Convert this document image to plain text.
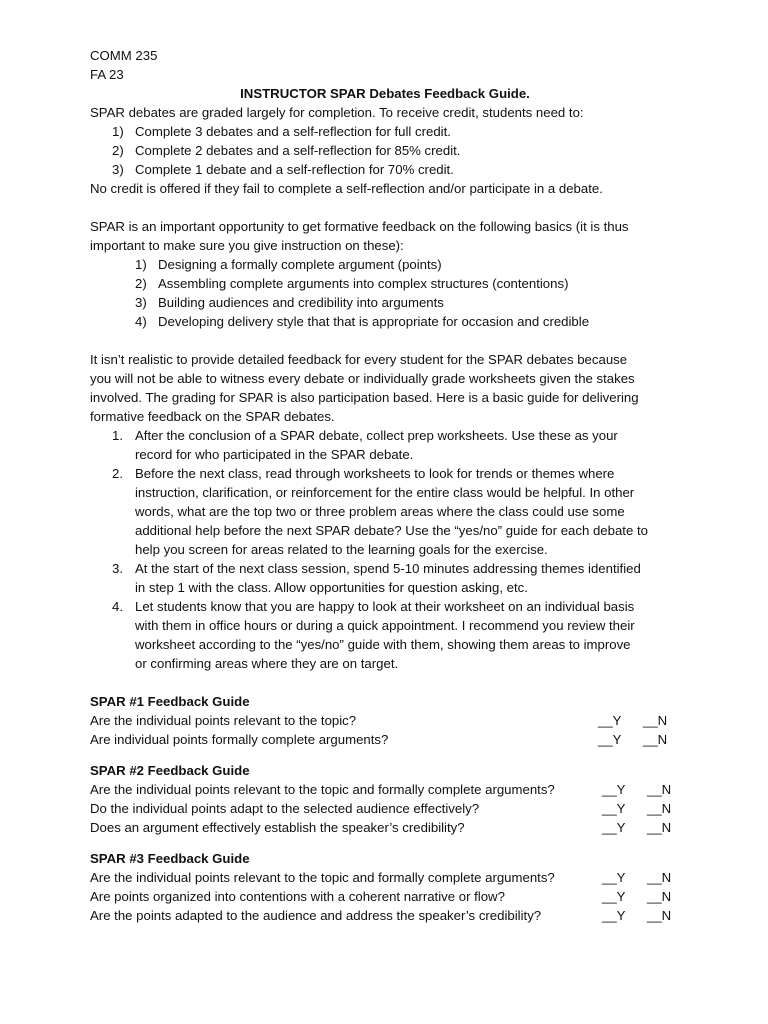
COMM 235
FA 23
INSTRUCTOR SPAR Debates Feedback Guide.
SPAR debates are graded largely for completion. To receive credit, students need to:
1) Complete 3 debates and a self-reflection for full credit.
2) Complete 2 debates and a self-reflection for 85% credit.
3) Complete 1 debate and a self-reflection for 70% credit.
No credit is offered if they fail to complete a self-reflection and/or participate in a debate.
SPAR is an important opportunity to get formative feedback on the following basics (it is thus
important to make sure you give instruction on these):
1) Designing a formally complete argument (points)
2) Assembling complete arguments into complex structures (contentions)
3) Building audiences and credibility into arguments
4) Developing delivery style that that is appropriate for occasion and credible
It isn’t realistic to provide detailed feedback for every student for the SPAR debates because
you will not be able to witness every debate or individually grade worksheets given the stakes
involved. The grading for SPAR is also participation based. Here is a basic guide for delivering
formative feedback on the SPAR debates.
1. After the conclusion of a SPAR debate, collect prep worksheets. Use these as your
record for who participated in the SPAR debate.
2. Before the next class, read through worksheets to look for trends or themes where
instruction, clarification, or reinforcement for the entire class would be helpful. In other
words, what are the top two or three problem areas where the class could use some
additional help before the next SPAR debate? Use the “yes/no” guide for each debate to
help you screen for areas related to the learning goals for the exercise.
3. At the start of the next class session, spend 5-10 minutes addressing themes identified
in step 1 with the class. Allow opportunities for question asking, etc.
4. Let students know that you are happy to look at their worksheet on an individual basis
with them in office hours or during a quick appointment. I recommend you review their
worksheet according to the “yes/no” guide with them, showing them areas to improve
or confirming areas where they are on target.
SPAR #1 Feedback Guide
Are the individual points relevant to the topic?	__Y __N
Are individual points formally complete arguments?	__Y __N
SPAR #2 Feedback Guide
Are the individual points relevant to the topic and formally complete arguments?	__Y __N
Do the individual points adapt to the selected audience effectively?	__Y __N
Does an argument effectively establish the speaker’s credibility?	__Y __N
SPAR #3 Feedback Guide
Are the individual points relevant to the topic and formally complete arguments?	__Y __N
Are points organized into contentions with a coherent narrative or flow?	__Y __N
Are the points adapted to the audience and address the speaker’s credibility?	__Y __N
